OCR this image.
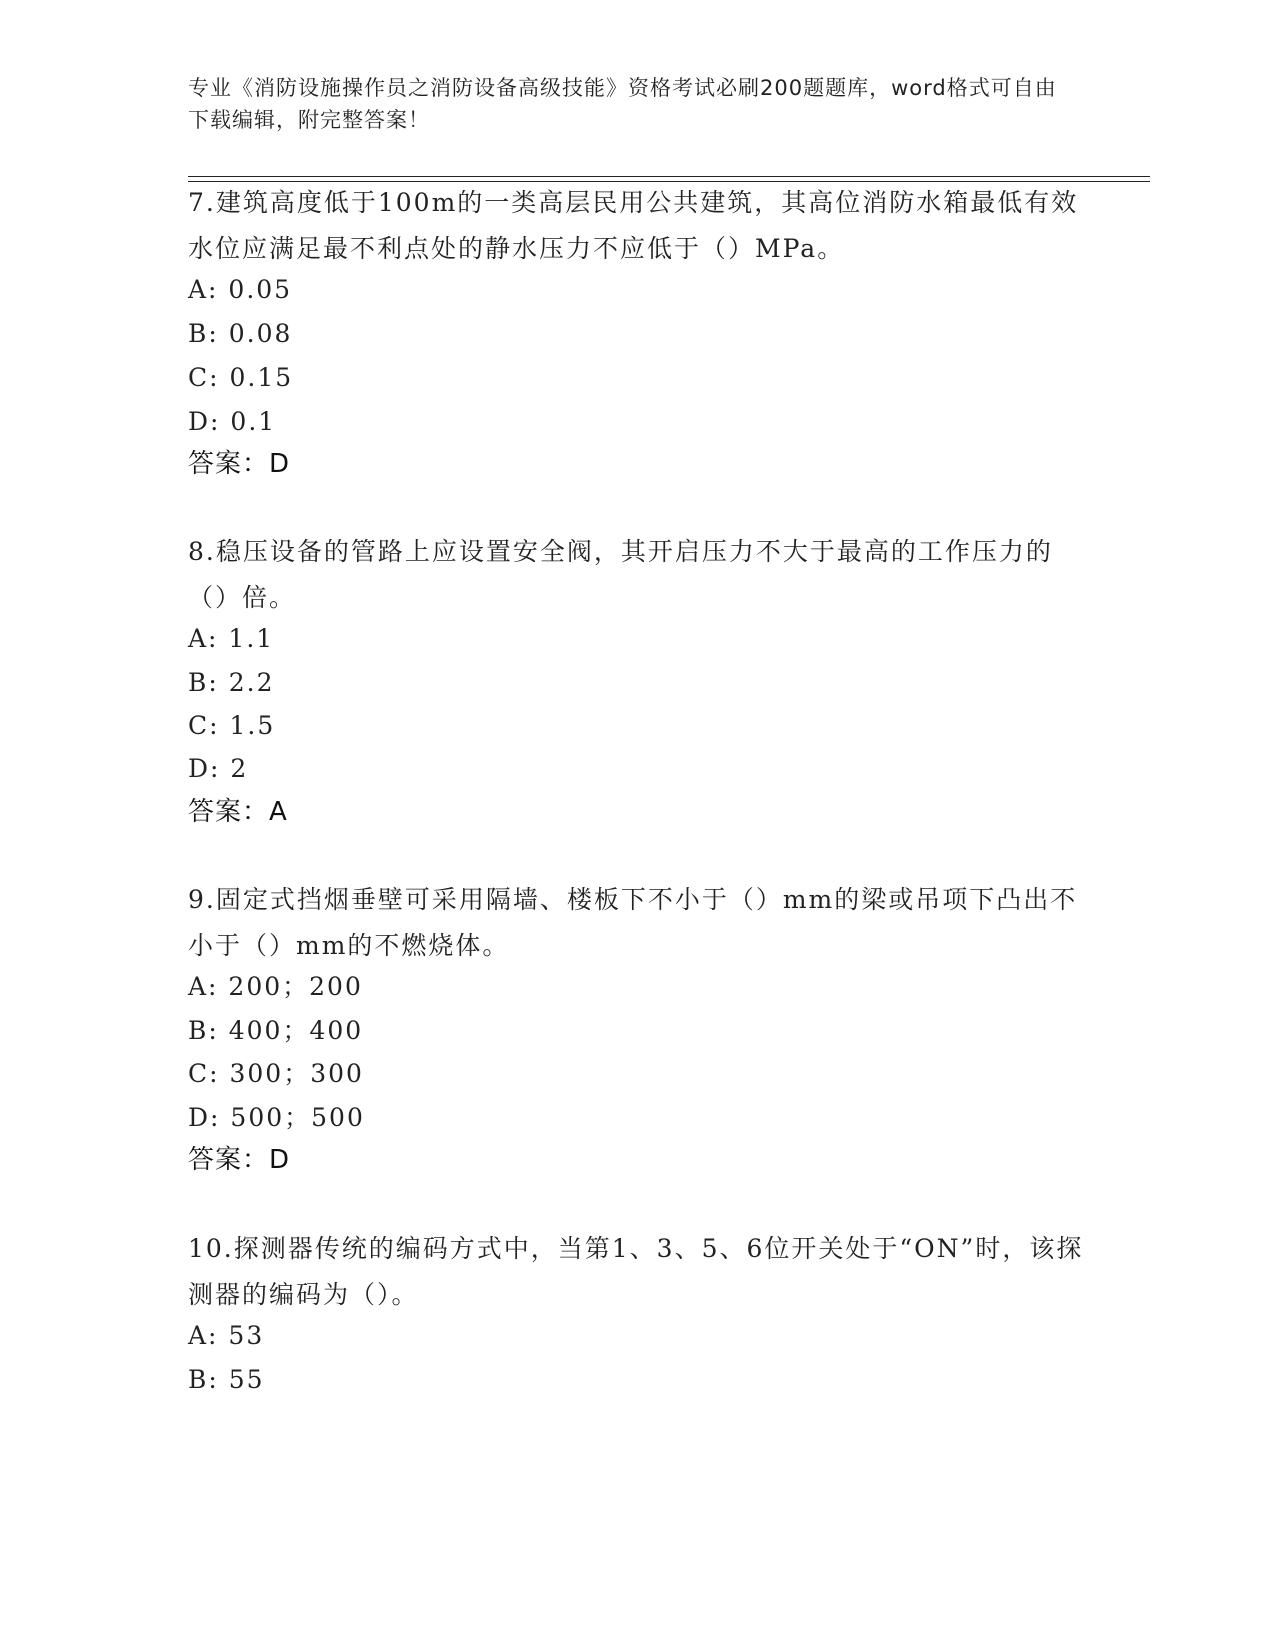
专业《消防设施操作员之消防设备高级技能》资格考试必刷200题题库，word格式可自由下载编辑，附完整答案！
7.建筑高度低于100m的一类高层民用公共建筑，其高位消防水箱最低有效水位应满足最不利点处的静水压力不应低于（）MPa。
A: 0.05
B: 0.08
C: 0.15
D: 0.1
答案：D
8.稳压设备的管路上应设置安全阀，其开启压力不大于最高的工作压力的（）倍。
A: 1.1
B: 2.2
C: 1.5
D: 2
答案：A
9.固定式挡烟垂壁可采用隔墙、楼板下不小于（）mm的梁或吊项下凸出不小于（）mm的不燃烧体。
A: 200；200
B: 400；400
C: 300；300
D: 500；500
答案：D
10.探测器传统的编码方式中，当第1、3、5、6位开关处于“ON”时，该探测器的编码为（）。
A: 53
B: 55
